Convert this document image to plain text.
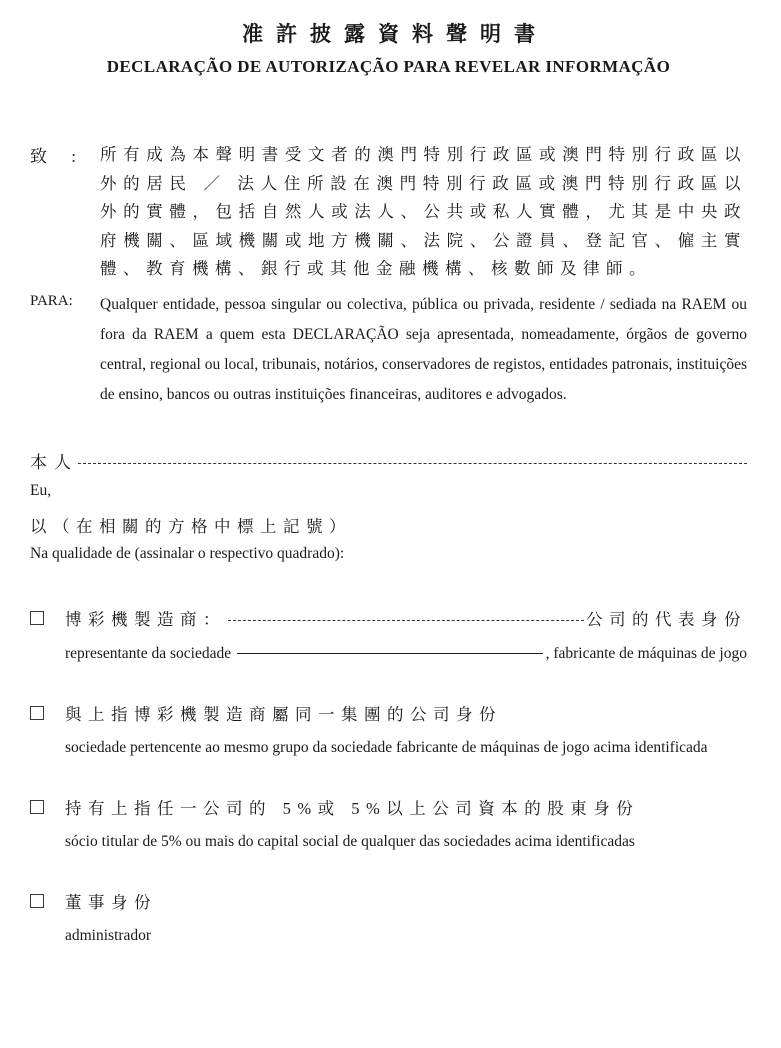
准許披露資料聲明書
DECLARAÇÃO DE AUTORIZAÇÃO PARA REVELAR INFORMAÇÃO
致 : 所有成為本聲明書受文者的澳門特別行政區或澳門特別行政區以外的居民 ／ 法人住所設在澳門特別行政區或澳門特別行政區以外的實體，包括自然人或法人、公共或私人實體，尤其是中央政府機關、區域機關或地方機關、法院、公證員、登記官、僱主實體、教育機構、銀行或其他金融機構、核數師及律師。
PARA:	Qualquer entidade, pessoa singular ou colectiva, pública ou privada, residente / sediada na RAEM ou fora da RAEM a quem esta DECLARAÇÃO seja apresentada, nomeadamente, órgãos de governo central, regional ou local, tribunais, notários, conservadores de registos, entidades patronais, instituições de ensino, bancos ou outras instituições financeiras, auditores e advogados.
本人
Eu,
以（在相關的方格中標上記號）
Na qualidade de (assinalar o respectivo quadrado):
博彩機製造商：	公司的代表身份
representante da sociedade	, fabricante de máquinas de jogo
與上指博彩機製造商屬同一集團的公司身份
sociedade pertencente ao mesmo grupo da sociedade fabricante de máquinas de jogo acima identificada
持有上指任一公司的 5%或 5%以上公司資本的股東身份
sócio titular de 5% ou mais do capital social de qualquer das sociedades acima identificadas
董事身份
administrador
